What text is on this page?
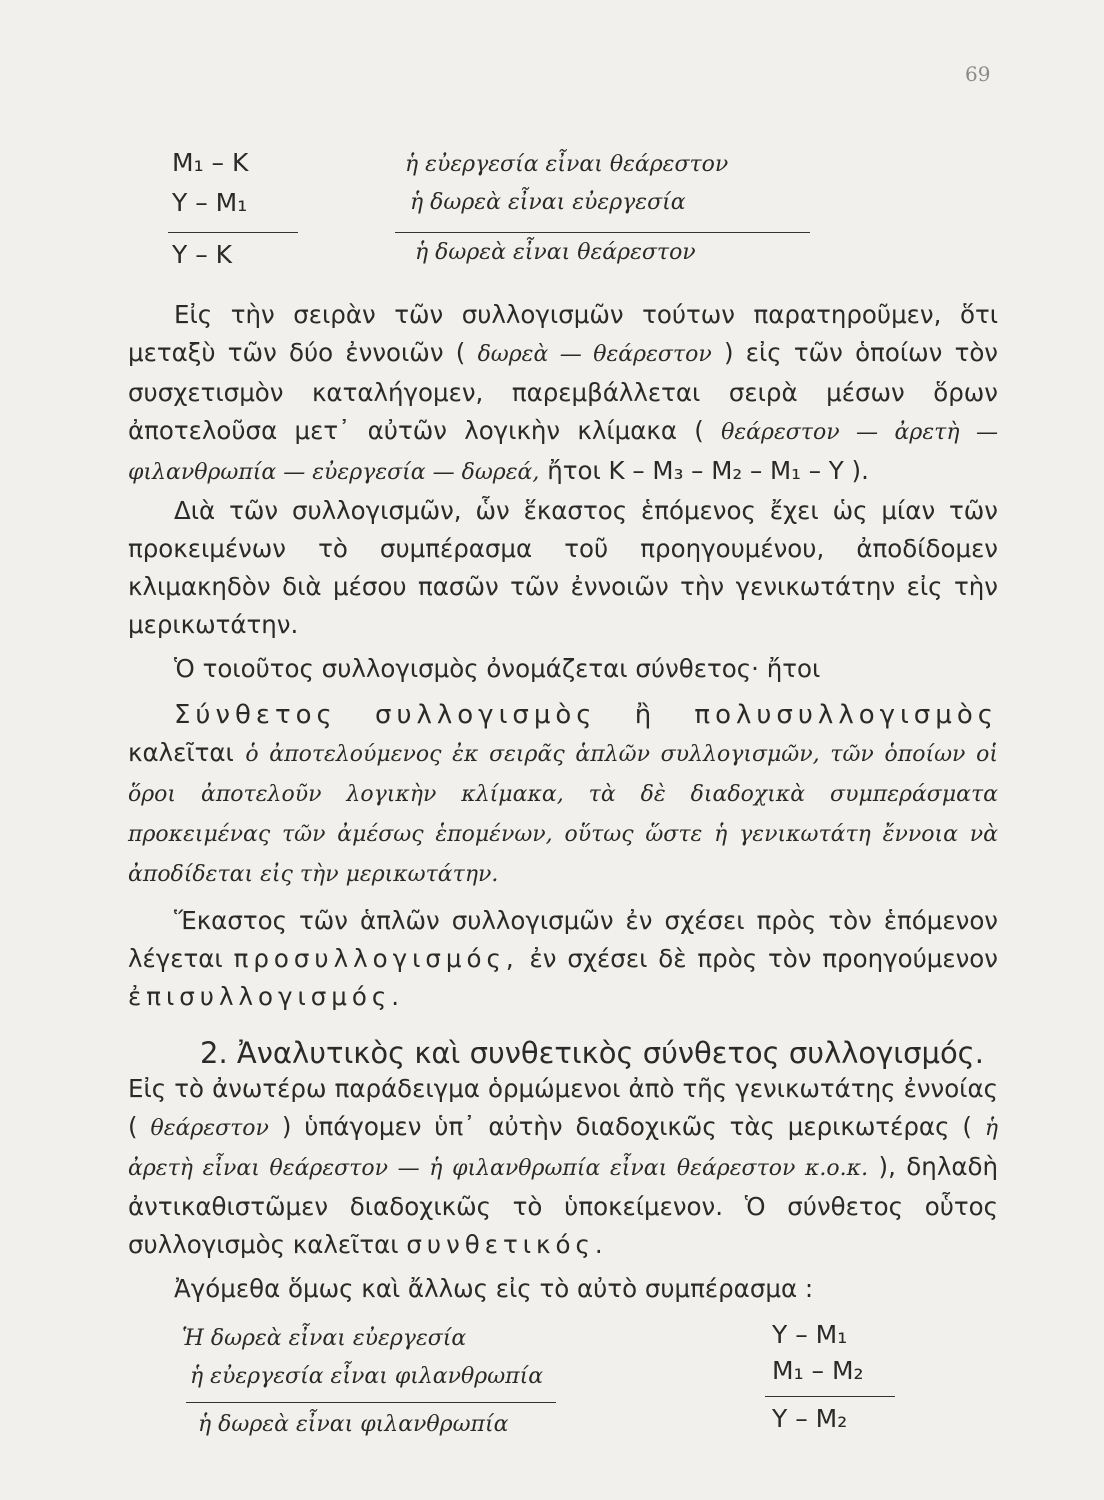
69
M₁ – K	ἡ εὐεργεσία εἶναι θεάρεστον
Y – M₁	ἡ δωρεὰ εἶναι εὐεργεσία
Y – K	ἡ δωρεὰ εἶναι θεάρεστον

Εἰς τὴν σειρὰν τῶν συλλογισμῶν τούτων παρατηροῦμεν, ὅτι μεταξὺ τῶν δύο ἐννοιῶν ( δωρεὰ — θεάρεστον ) εἰς τῶν ὁποίων τὸν συσχετισμὸν καταλήγομεν, παρεμβάλλεται σειρὰ μέσων ὅρων ἀποτελοῦσα μετ᾽ αὐτῶν λογικὴν κλίμακα ( θεάρεστον — ἀρετὴ — φιλανθρωπία — εὐεργεσία — δωρεά, ἤτοι K – M₃ – M₂ – M₁ – Y ).

Διὰ τῶν συλλογισμῶν, ὧν ἕκαστος ἑπόμενος ἔχει ὡς μίαν τῶν προκειμένων τὸ συμπέρασμα τοῦ προηγουμένου, ἀποδίδομεν κλιμακηδὸν διὰ μέσου πασῶν τῶν ἐννοιῶν τὴν γενικωτάτην εἰς τὴν μερικωτάτην.

Ὁ τοιοῦτος συλλογισμὸς ὀνομάζεται σύνθετος· ἤτοι

Σύνθετος συλλογισμὸς ἢ πολυσυλλογισμὸς καλεῖται ὁ ἀποτελούμενος ἐκ σειρᾶς ἁπλῶν συλλογισμῶν, τῶν ὁποίων οἱ ὅροι ἀποτελοῦν λογικὴν κλίμακα, τὰ δὲ διαδοχικὰ συμπεράσματα προκειμένας τῶν ἀμέσως ἑπομένων, οὕτως ὥστε ἡ γενικωτάτη ἔννοια νὰ ἀποδίδεται εἰς τὴν μερικωτάτην.

Ἕκαστος τῶν ἁπλῶν συλλογισμῶν ἐν σχέσει πρὸς τὸν ἑπόμενον λέγεται προσυλλογισμός, ἐν σχέσει δὲ πρὸς τὸν προηγούμενον ἐπισυλλογισμός.

2. Ἀναλυτικὸς καὶ συνθετικὸς σύνθετος συλλογισμός.

Εἰς τὸ ἀνωτέρω παράδειγμα ὁρμώμενοι ἀπὸ τῆς γενικωτάτης ἐννοίας ( θεάρεστον ) ὑπάγομεν ὑπ᾽ αὐτὴν διαδοχικῶς τὰς μερικωτέρας ( ἡ ἀρετὴ εἶναι θεάρεστον — ἡ φιλανθρωπία εἶναι θεάρεστον κ.ο.κ. ), δηλαδὴ ἀντικαθιστῶμεν διαδοχικῶς τὸ ὑποκείμενον. Ὁ σύνθετος οὗτος συλλογισμὸς καλεῖται συνθετικός.

Ἀγόμεθα ὅμως καὶ ἄλλως εἰς τὸ αὐτὸ συμπέρασμα :

Ἡ δωρεὰ εἶναι εὐεργεσία	Y – M₁
ἡ εὐεργεσία εἶναι φιλανθρωπία	M₁ – M₂
ἡ δωρεὰ εἶναι φιλανθρωπία	Y – M₂
